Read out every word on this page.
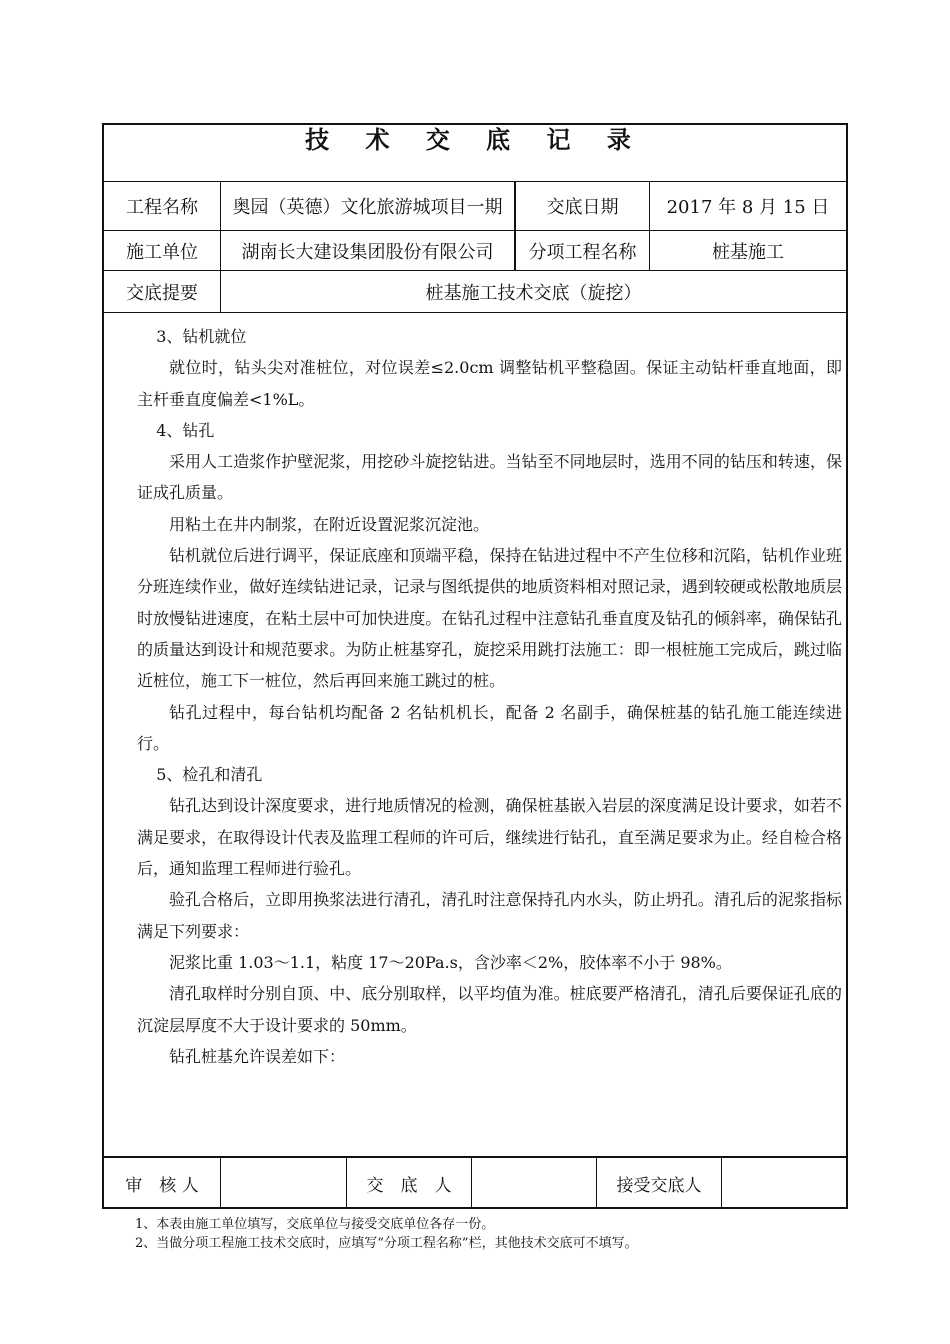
技 术 交 底 记 录
工程名称	奥园（英德）文化旅游城项目一期	交底日期	2017 年 8 月 15 日
施工单位	湖南长大建设集团股份有限公司	分项工程名称	桩基施工
交底提要	桩基施工技术交底（旋挖）

3、钻机就位

就位时，钻头尖对准桩位，对位误差≤2.0cm 调整钻机平整稳固。保证主动钻杆垂直地面，即主杆垂直度偏差<1%L。

4、钻孔

采用人工造浆作护壁泥浆，用挖砂斗旋挖钻进。当钻至不同地层时，选用不同的钻压和转速，保证成孔质量。

用粘土在井内制浆，在附近设置泥浆沉淀池。

钻机就位后进行调平，保证底座和顶端平稳，保持在钻进过程中不产生位移和沉陷，钻机作业班分班连续作业，做好连续钻进记录，记录与图纸提供的地质资料相对照记录，遇到较硬或松散地质层时放慢钻进速度，在粘土层中可加快进度。在钻孔过程中注意钻孔垂直度及钻孔的倾斜率，确保钻孔的质量达到设计和规范要求。为防止桩基穿孔，旋挖采用跳打法施工：即一根桩施工完成后，跳过临近桩位，施工下一桩位，然后再回来施工跳过的桩。

钻孔过程中，每台钻机均配备 2 名钻机机长，配备 2 名副手，确保桩基的钻孔施工能连续进行。

5、检孔和清孔

钻孔达到设计深度要求，进行地质情况的检测，确保桩基嵌入岩层的深度满足设计要求，如若不满足要求，在取得设计代表及监理工程师的许可后，继续进行钻孔，直至满足要求为止。经自检合格后，通知监理工程师进行验孔。

验孔合格后，立即用换浆法进行清孔，清孔时注意保持孔内水头，防止坍孔。清孔后的泥浆指标满足下列要求：

泥浆比重 1.03～1.1，粘度 17～20Pa.s，含沙率＜2%，胶体率不小于 98%。

清孔取样时分别自顶、中、底分别取样，以平均值为准。桩底要严格清孔，清孔后要保证孔底的沉淀层厚度不大于设计要求的 50mm。

钻孔桩基允许误差如下：

审　核 人	交　底　人	接受交底人
1、本表由施工单位填写，交底单位与接受交底单位各存一份。
2、当做分项工程施工技术交底时，应填写“分项工程名称”栏，其他技术交底可不填写。
